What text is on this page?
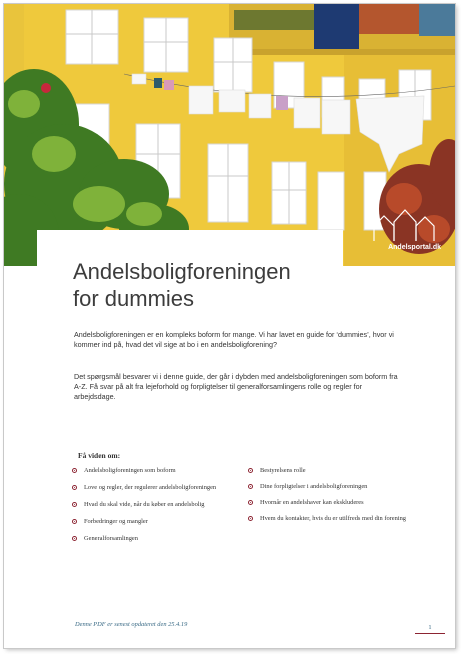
Andelsportal.dk
Andelsboligforeningen
for dummies

Andelsboligforeningen er en kompleks boform for mange. Vi har lavet en guide for ‘dummies’, hvor vi kommer ind på, hvad det vil sige at bo i en andelsboligforening?

Det spørgsmål besvarer vi i denne guide, der går i dybden med andelsboligforeningen som boform fra A-Z. Få svar på alt fra lejeforhold og forpligtelser til generalforsamlingens rolle og regler for arbejdsdage.

Få viden om:
Andelsboligforeningen som boform
Love og regler, der regulerer andelsboligforeningen
Hvad du skal vide, når du køber en andelsbolig
Forbedringer og mangler
Generalforsamlingen
Bestyrelsens rolle
Dine forpligtelser i andelsboligforeningen
Hvornår en andelshaver kan ekskluderes
Hvem du kontakter, hvis du er utilfreds med din forening
Denne PDF er senest opdateret den 25.4.19	1
